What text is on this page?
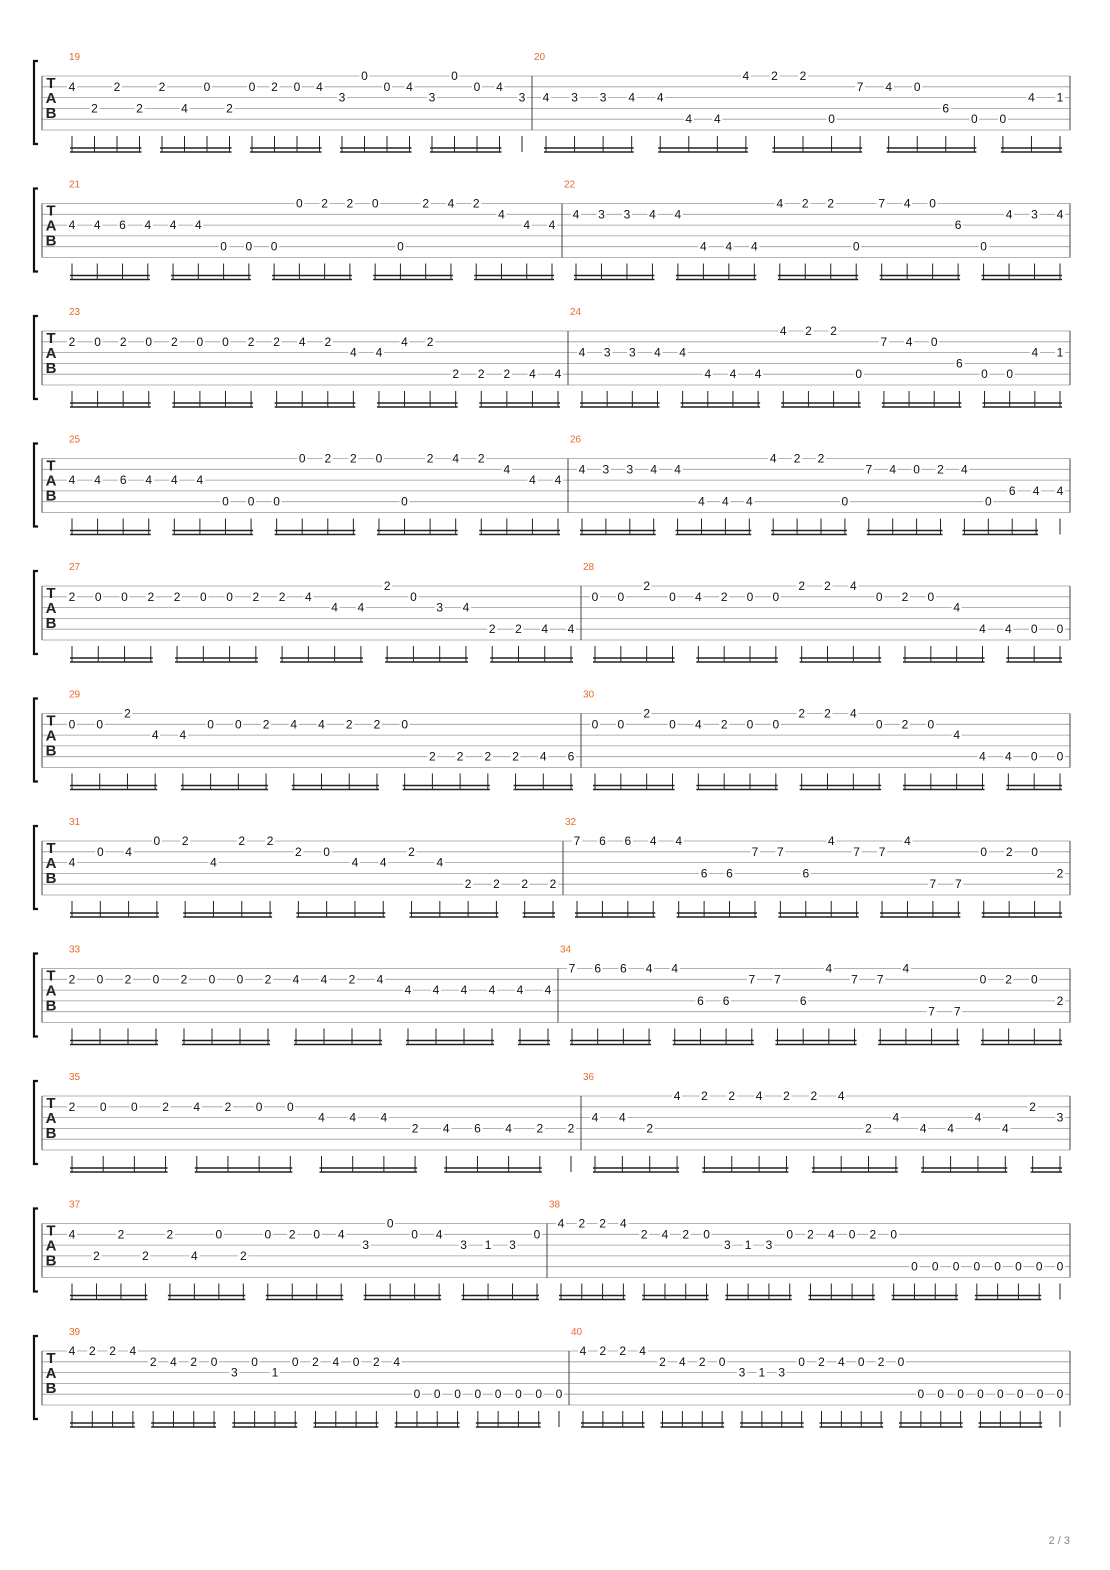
T
A
B
19
4
2
2
2
2
4
0
2
0 2 0 4
3
0
0 4
3
0
0 4
3
20
4 3 3 4 4
4 4
4 2 2
0
7 4 0
6
0 0
4 1
T
A
B
21
4 4 6 4 4 4
0 0 0
0 2 2 0
0
2 4 2
4
4 4
22
4 3 3 4 4
4 4 4
4 2 2
0
7 4 0
6
0
4 3 4
T
A
B
23
2 0 2 0 2 0 0 2 2 4 2
4 4
4 2
2 2 2 4 4
24
4 3 3 4 4
4 4 4
4 2 2
0
7 4 0
6
0 0
4 1
T
A
B
25
4 4 6 4 4 4
0 0 0
0 2 2 0
0
2 4 2
4
4 4
26
4 3 3 4 4
4 4 4
4 2 2
0
7 4 0 2 4
0
6 4 4
T
A
B
27
2 0 0 2 2 0 0 2 2 4
4 4
2
0
3 4
2 2 4 4
28
0 0
2
0 4 2 0 0
2 2 4
0 2 0
4
4 4 0 0
T
A
B
29
0 0
2
4 4
0 0 2 4 4 2 2 0
2 2 2 2 4 6
30
0 0
2
0 4 2 0 0
2 2 4
0 2 0
4
4 4 0 0
T
A
B
31
4
0 4
0 2
4
2 2
2 0
4 4
2
4
2 2 2 2
32
7 6 6 4 4
6 6
7 7
6
4
7 7
4
7 7
0 2 0
2
T
A
B
33
2 0 2 0 2 0 0 2 4 4 2 4
4 4 4 4 4 4
34
7 6 6 4 4
6 6
7 7
6
4
7 7
4
7 7
0 2 0
2
T
A
B
35
2 0 0 2 4 2 0 0
4 4 4
2 4 6 4 2 2
36
4 4
2
4 2 2 4 2 2 4
2
4
4 4
4
4
2
3
T
A
B
37
4
2
2
2
2
4
0
2
0 2 0 4
3
0
0 4
3 1 3
0
38
4 2 2 4
2 4 2 0
3 1 3
0 2 4 0 2 0
0 0 0 0 0 0 0 0
T
A
B
39
4 2 2 4
2 4 2 0
3
0
1
0 2 4 0 2 4
0 0 0 0 0 0 0 0
40
4 2 2 4
2 4 2 0
3 1 3
0 2 4 0 2 0
0 0 0 0 0 0 0 0
2 / 3
